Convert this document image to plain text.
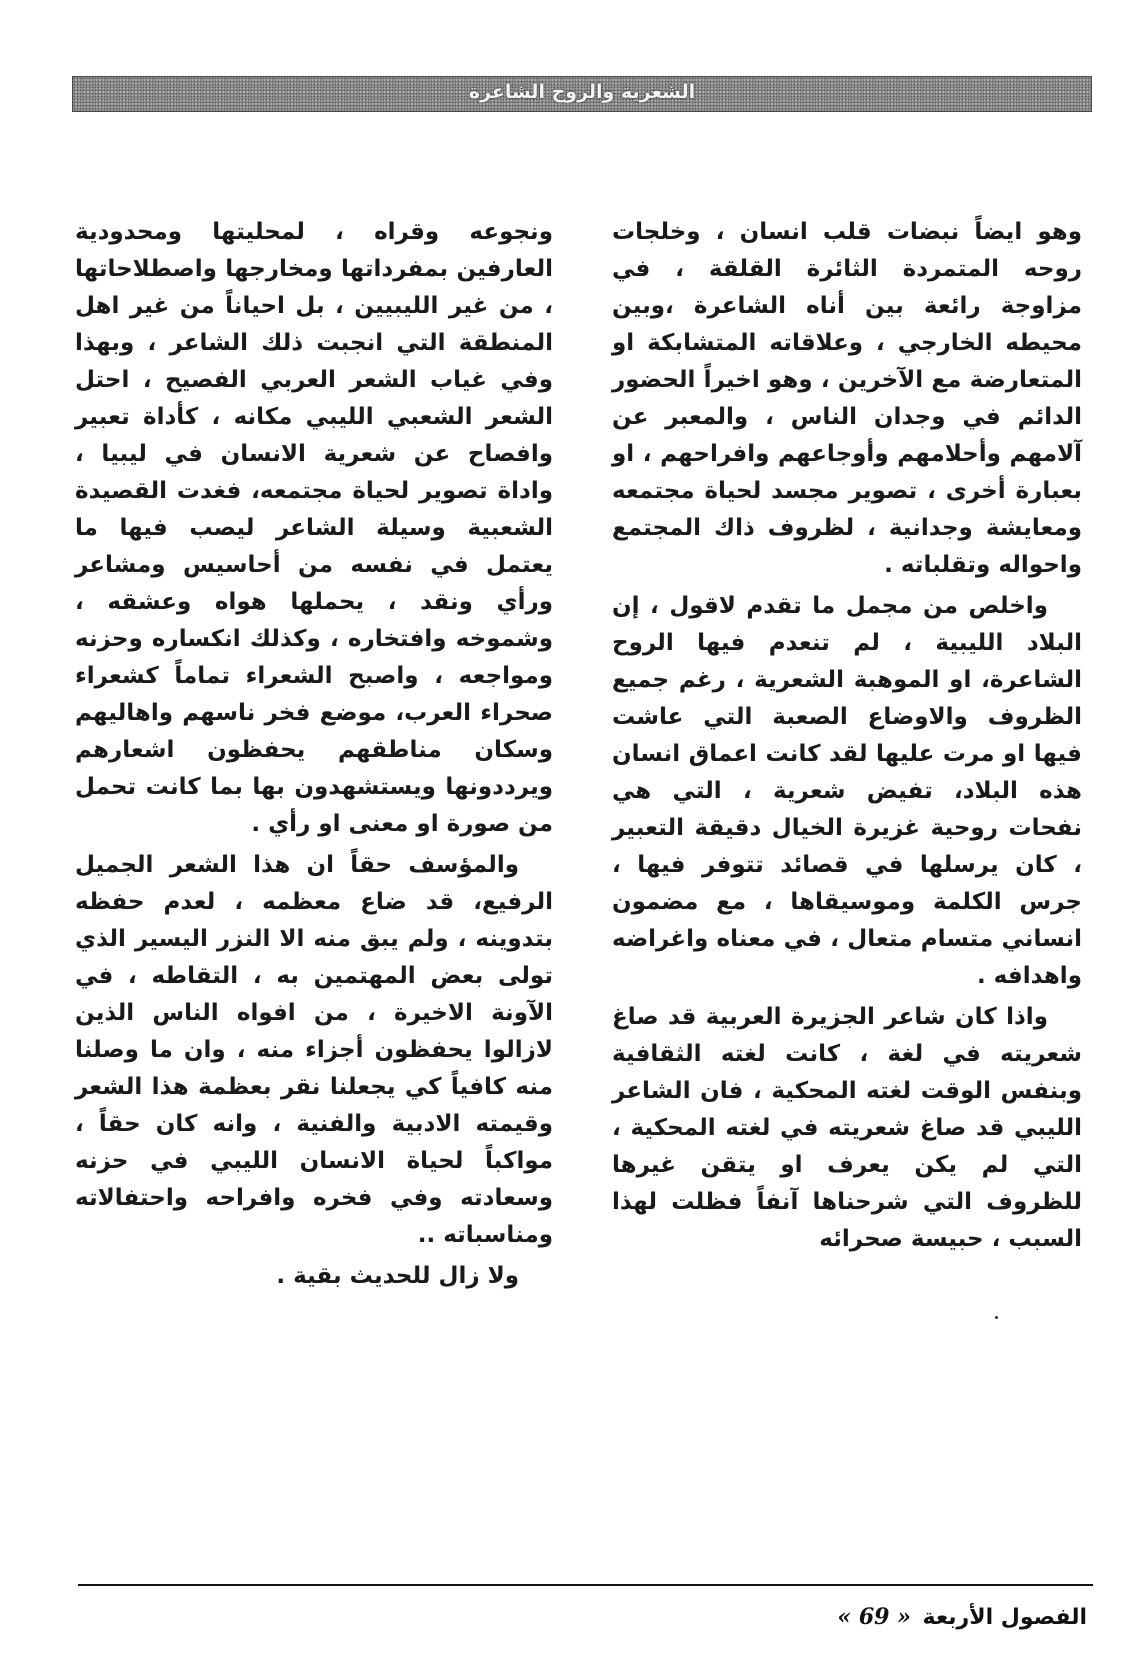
الشعرية والروح الشاعرة

وهو ايضاً نبضات قلب انسان ، وخلجات روحه المتمردة الثائرة القلقة ، في مزاوجة رائعة بين أناه الشاعرة ،وبين محيطه الخارجي ، وعلاقاته المتشابكة او المتعارضة مع الآخرين ، وهو اخيراً الحضور الدائم في وجدان الناس ، والمعبر عن آلامهم وأحلامهم وأوجاعهم وافراحهم ، او بعبارة أخرى ، تصوير مجسد لحياة مجتمعه ومعايشة وجدانية ، لظروف ذاك المجتمع واحواله وتقلباته .

واخلص من مجمل ما تقدم لاقول ، إن البلاد الليبية ، لم تنعدم فيها الروح الشاعرة، او الموهبة الشعرية ، رغم جميع الظروف والاوضاع الصعبة التي عاشت فيها او مرت عليها لقد كانت اعماق انسان هذه البلاد، تفيض شعرية ، التي هي نفحات روحية غزيرة الخيال دقيقة التعبير ، كان يرسلها في قصائد تتوفر فيها ، جرس الكلمة وموسيقاها ، مع مضمون انساني متسام متعال ، في معناه واغراضه واهدافه .

واذا كان شاعر الجزيرة العربية قد صاغ شعريته في لغة ، كانت لغته الثقافية وبنفس الوقت لغته المحكية ، فان الشاعر الليبي قد صاغ شعريته في لغته المحكية ، التي لم يكن يعرف او يتقن غيرها للظروف التي شرحناها آنفاً فظلت لهذا السبب ، حبيسة صحرائه

ونجوعه وقراه ، لمحليتها ومحدودية العارفين بمفرداتها ومخارجها واصطلاحاتها ، من غير الليبيين ، بل احياناً من غير اهل المنطقة التي انجبت ذلك الشاعر ، وبهذا وفي غياب الشعر العربي الفصيح ، احتل الشعر الشعبي الليبي مكانه ، كأداة تعبير وافصاح عن شعرية الانسان في ليبيا ، واداة تصوير لحياة مجتمعه، فغدت القصيدة الشعبية وسيلة الشاعر ليصب فيها ما يعتمل في نفسه من أحاسيس ومشاعر ورأي ونقد ، يحملها هواه وعشقه ، وشموخه وافتخاره ، وكذلك انكساره وحزنه ومواجعه ، واصبح الشعراء تماماً كشعراء صحراء العرب، موضع فخر ناسهم واهاليهم وسكان مناطقهم يحفظون اشعارهم ويرددونها ويستشهدون بها بما كانت تحمل من صورة او معنى او رأي .

والمؤسف حقاً ان هذا الشعر الجميل الرفيع، قد ضاع معظمه ، لعدم حفظه بتدوينه ، ولم يبق منه الا النزر اليسير الذي تولى بعض المهتمين به ، التقاطه ، في الآونة الاخيرة ، من افواه الناس الذين لازالوا يحفظون أجزاء منه ، وان ما وصلنا منه كافياً كي يجعلنا نقر بعظمة هذا الشعر وقيمته الادبية والفنية ، وانه كان حقاً ، مواكباً لحياة الانسان الليبي في حزنه وسعادته وفي فخره وافراحه واحتفالاته ومناسباته ..

ولا زال للحديث بقية .

الفصول الأربعة « 69 »
